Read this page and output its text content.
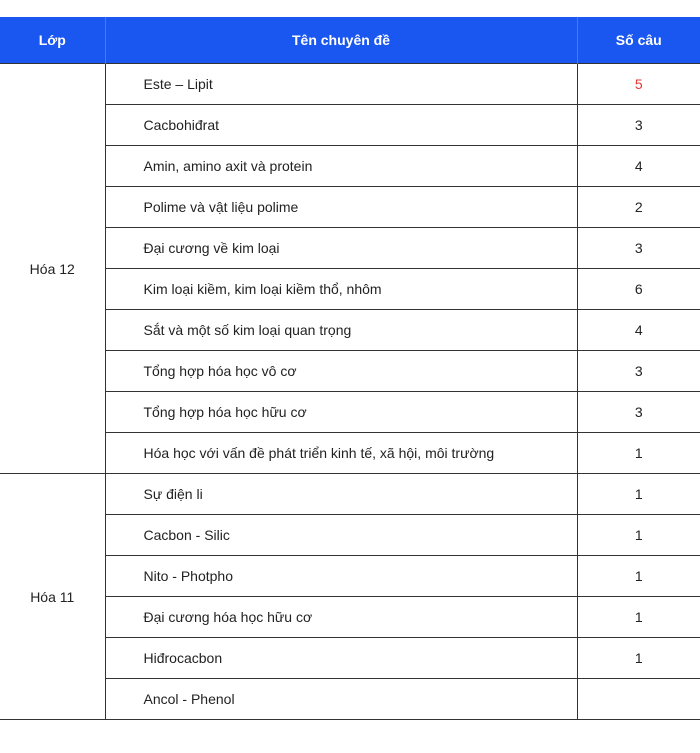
Lớp	Tên chuyên đề	Số câu
Hóa 12	Este – Lipit	5
	Cacbohiđrat	3
	Amin, amino axit và protein	4
	Polime và vật liệu polime	2
	Đại cương về kim loại	3
	Kim loại kiềm, kim loại kiềm thổ, nhôm	6
	Sắt và một số kim loại quan trọng	4
	Tổng hợp hóa học vô cơ	3
	Tổng hợp hóa học hữu cơ	3
	Hóa học với vấn đề phát triển kinh tế, xã hội, môi trường	1
Hóa 11	Sự điện li	1
	Cacbon - Silic	1
	Nito - Photpho	1
	Đại cương hóa học hữu cơ	1
	Hiđrocacbon	1
	Ancol - Phenol	
